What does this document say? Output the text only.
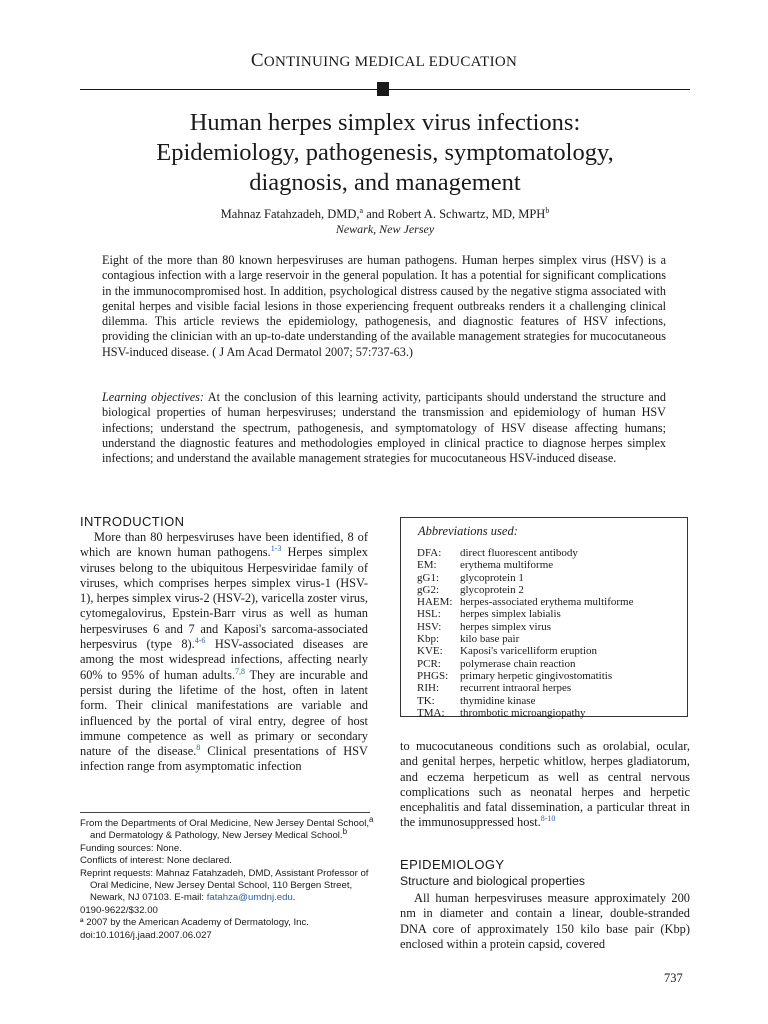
CONTINUING MEDICAL EDUCATION
Human herpes simplex virus infections:
Epidemiology, pathogenesis, symptomatology,
diagnosis, and management
Mahnaz Fatahzadeh, DMD,$^a$ and Robert A. Schwartz, MD, MPH$^b$
Newark, New Jersey
Eight of the more than 80 known herpesviruses are human pathogens. Human herpes simplex virus (HSV) is a contagious infection with a large reservoir in the general population. It has a potential for significant complications in the immunocompromised host. In addition, psychological distress caused by the negative stigma associated with genital herpes and visible facial lesions in those experiencing frequent outbreaks renders it a challenging clinical dilemma. This article reviews the epidemiology, pathogenesis, and diagnostic features of HSV infections, providing the clinician with an up-to-date understanding of the available management strategies for mucocutaneous HSV-induced disease. ( J Am Acad Dermatol 2007; 57:737-63.)
Learning objectives: At the conclusion of this learning activity, participants should understand the structure and biological properties of human herpesviruses; understand the transmission and epidemiology of human HSV infections; understand the spectrum, pathogenesis, and symptomatology of HSV disease affecting humans; understand the diagnostic features and methodologies employed in clinical practice to diagnose herpes simplex infections; and understand the available management strategies for mucocutaneous HSV-induced disease.
INTRODUCTION

More than 80 herpesviruses have been identified, 8 of which are known human pathogens.$^{1-3}$ Herpes simplex viruses belong to the ubiquitous Herpesviridae family of viruses, which comprises herpes simplex virus-1 (HSV-1), herpes simplex virus-2 (HSV-2), varicella zoster virus, cytomegalovirus, Epstein-Barr virus as well as human herpesviruses 6 and 7 and Kaposi's sarcoma-associated herpesvirus (type 8).$^{4-6}$ HSV-associated diseases are among the most widespread infections, affecting nearly 60% to 95% of human adults.$^{7,8}$ They are incurable and persist during the lifetime of the host, often in latent form. Their clinical manifestations are variable and influenced by the portal of viral entry, degree of host immune competence as well as primary or secondary nature of the disease.$^8$ Clinical presentations of HSV infection range from asymptomatic infection

Abbreviations used:
DFA:	direct fluorescent antibody
EM:	erythema multiforme
gG1:	glycoprotein 1
gG2:	glycoprotein 2
HAEM: herpes-associated erythema multiforme
HSL:	herpes simplex labialis
HSV:	herpes simplex virus
Kbp:	kilo base pair
KVE:	Kaposi's varicelliform eruption
PCR:	polymerase chain reaction
PHGS:	primary herpetic gingivostomatitis
RIH:	recurrent intraoral herpes
TK:	thymidine kinase
TMA:	thrombotic microangiopathy
to mucocutaneous conditions such as orolabial, ocular, and genital herpes, herpetic whitlow, herpes gladiatorum, and eczema herpeticum as well as central nervous complications such as neonatal herpes and herpetic encephalitis and fatal dissemination, a particular threat in the immunosuppressed host.$^{8-10}$
EPIDEMIOLOGY
Structure and biological properties

All human herpesviruses measure approximately 200 nm in diameter and contain a linear, double-stranded DNA core of approximately 150 kilo base pair (Kbp) enclosed within a protein capsid, covered

From the Departments of Oral Medicine, New Jersey Dental School,$^a$
and Dermatology & Pathology, New Jersey Medical School.$^b$
Funding sources: None.
Conflicts of interest: None declared.
Reprint requests: Mahnaz Fatahzadeh, DMD, Assistant Professor of
Oral Medicine, New Jersey Dental School, 110 Bergen Street,
Newark, NJ 07103. E-mail: fatahza@umdnj.edu.
0190-9622/$32.00
ª 2007 by the American Academy of Dermatology, Inc.
doi:10.1016/j.jaad.2007.06.027
737
